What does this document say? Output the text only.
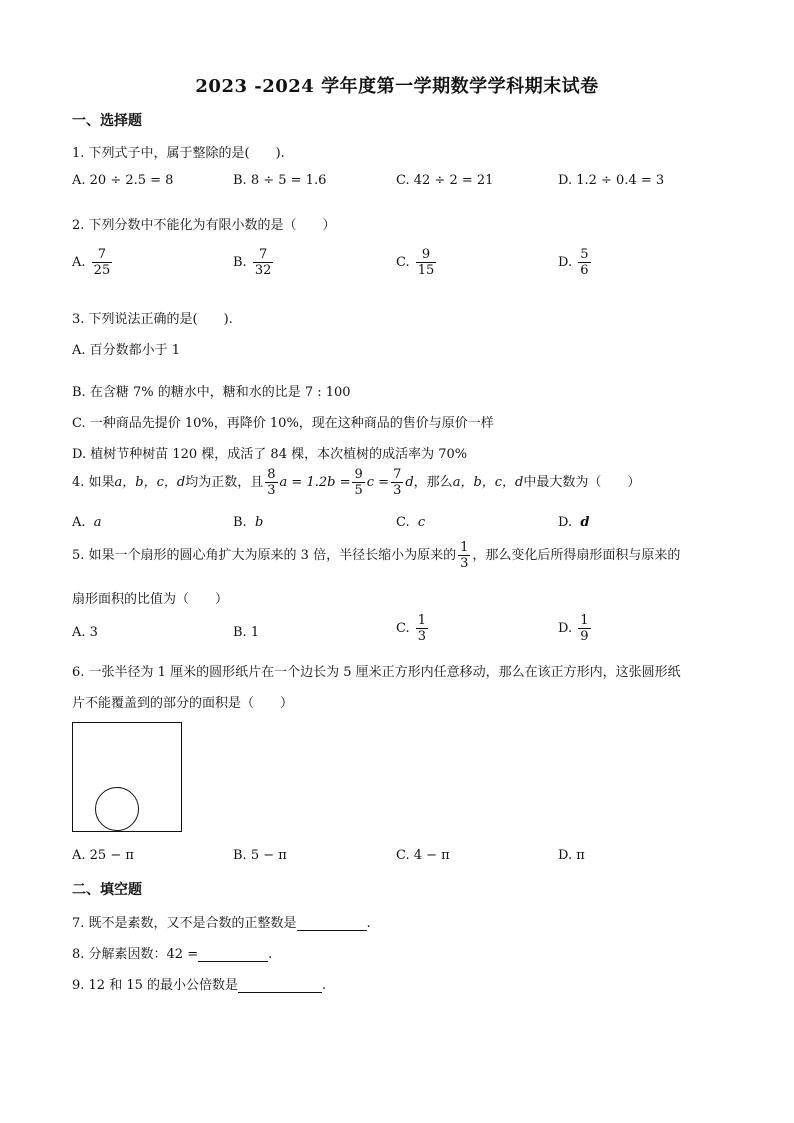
2023 -2024 学年度第一学期数学学科期末试卷
一、选择题
1. 下列式子中，属于整除的是(　　).
A. 20 ÷ 2.5 = 8	B. 8 ÷ 5 = 1.6	C. 42 ÷ 2 = 21	D. 1.2 ÷ 0.4 = 3
2. 下列分数中不能化为有限小数的是（　　）
A. $\frac{7}{25}$	B. $\frac{7}{32}$	C. $\frac{9}{15}$	D. $\frac{5}{6}$
3. 下列说法正确的是(　　).
A. 百分数都小于 1
B. 在含糖 7% 的糖水中，糖和水的比是 7 : 100
C. 一种商品先提价 10%，再降价 10%，现在这种商品的售价与原价一样
D. 植树节种树苗 120 棵，成活了 84 棵，本次植树的成活率为 70%
4. 如果a，b，c，d均为正数，且 $\frac{8}{3}$ $a = 1.2b = \frac{9}{5}$ $c = \frac{7}{3}$ d，那么a，b，c，d中最大数为（　　）
A. a	B. b	C. c	D. d
5. 如果一个扇形的圆心角扩大为原来的 3 倍，半径长缩小为原来的 $\frac{1}{3}$ ，那么变化后所得扇形面积与原来的
扇形面积的比值为（　　）
A. 3	B. 1	C. $\frac{1}{3}$	D. $\frac{1}{9}$
6. 一张半径为 1 厘米的圆形纸片在一个边长为 5 厘米正方形内任意移动，那么在该正方形内，这张圆形纸
片不能覆盖到的部分的面积是（　　）
A. 25 − π	B. 5 − π	C. 4 − π	D. π
二、填空题
7. 既不是素数，又不是合数的正整数是	.
8. 分解素因数：42 =	.
9. 12 和 15 的最小公倍数是	.
